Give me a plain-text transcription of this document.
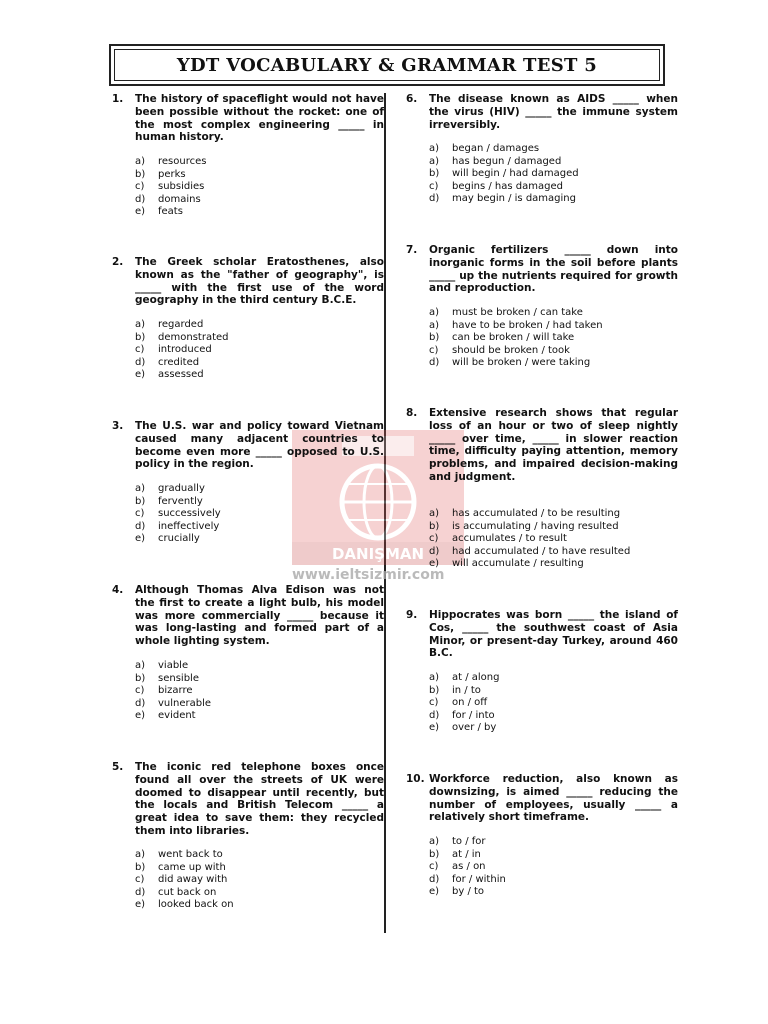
YDT VOCABULARY & GRAMMAR TEST 5
DANIŞMAN
www.ieltsizmir.com
1. The history of spaceflight would not have been possible without the rocket: one of the most complex engineering _____ in human history.

a) resources
b) perks
c) subsidies
d) domains
e) feats
2. The Greek scholar Eratosthenes, also known as the "father of geography", is _____ with the first use of the word geography in the third century B.C.E.

a) regarded
b) demonstrated
c) introduced
d) credited
e) assessed
3. The U.S. war and policy toward Vietnam caused many adjacent countries to become even more _____ opposed to U.S. policy in the region.

a) gradually
b) fervently
c) successively
d) ineffectively
e) crucially
4. Although Thomas Alva Edison was not the first to create a light bulb, his model was more commercially _____ because it was long-lasting and formed part of a whole lighting system.

a) viable
b) sensible
c) bizarre
d) vulnerable
e) evident
5. The iconic red telephone boxes once found all over the streets of UK were doomed to disappear until recently, but the locals and British Telecom _____ a great idea to save them: they recycled them into libraries.

a) went back to
b) came up with
c) did away with
d) cut back on
e) looked back on
6. The disease known as AIDS _____ when the virus (HIV) _____ the immune system irreversibly.

a) began / damages
a) has begun / damaged
b) will begin / had damaged
c) begins / has damaged
d) may begin / is damaging
7. Organic fertilizers _____ down into inorganic forms in the soil before plants _____ up the nutrients required for growth and reproduction.

a) must be broken / can take
a) have to be broken / had taken
b) can be broken / will take
c) should be broken / took
d) will be broken / were taking
8. Extensive research shows that regular loss of an hour or two of sleep nightly _____ over time, _____ in slower reaction time, difficulty paying attention, memory problems, and impaired decision-making and judgment.

a) has accumulated / to be resulting
b) is accumulating / having resulted
c) accumulates / to result
d) had accumulated / to have resulted
e) will accumulate / resulting
9. Hippocrates was born _____ the island of Cos, _____ the southwest coast of Asia Minor, or present-day Turkey, around 460 B.C.

a) at / along
b) in / to
c) on / off
d) for / into
e) over / by
10. Workforce reduction, also known as downsizing, is aimed _____ reducing the number of employees, usually _____ a relatively short timeframe.

a) to / for
b) at / in
c) as / on
d) for / within
e) by / to
